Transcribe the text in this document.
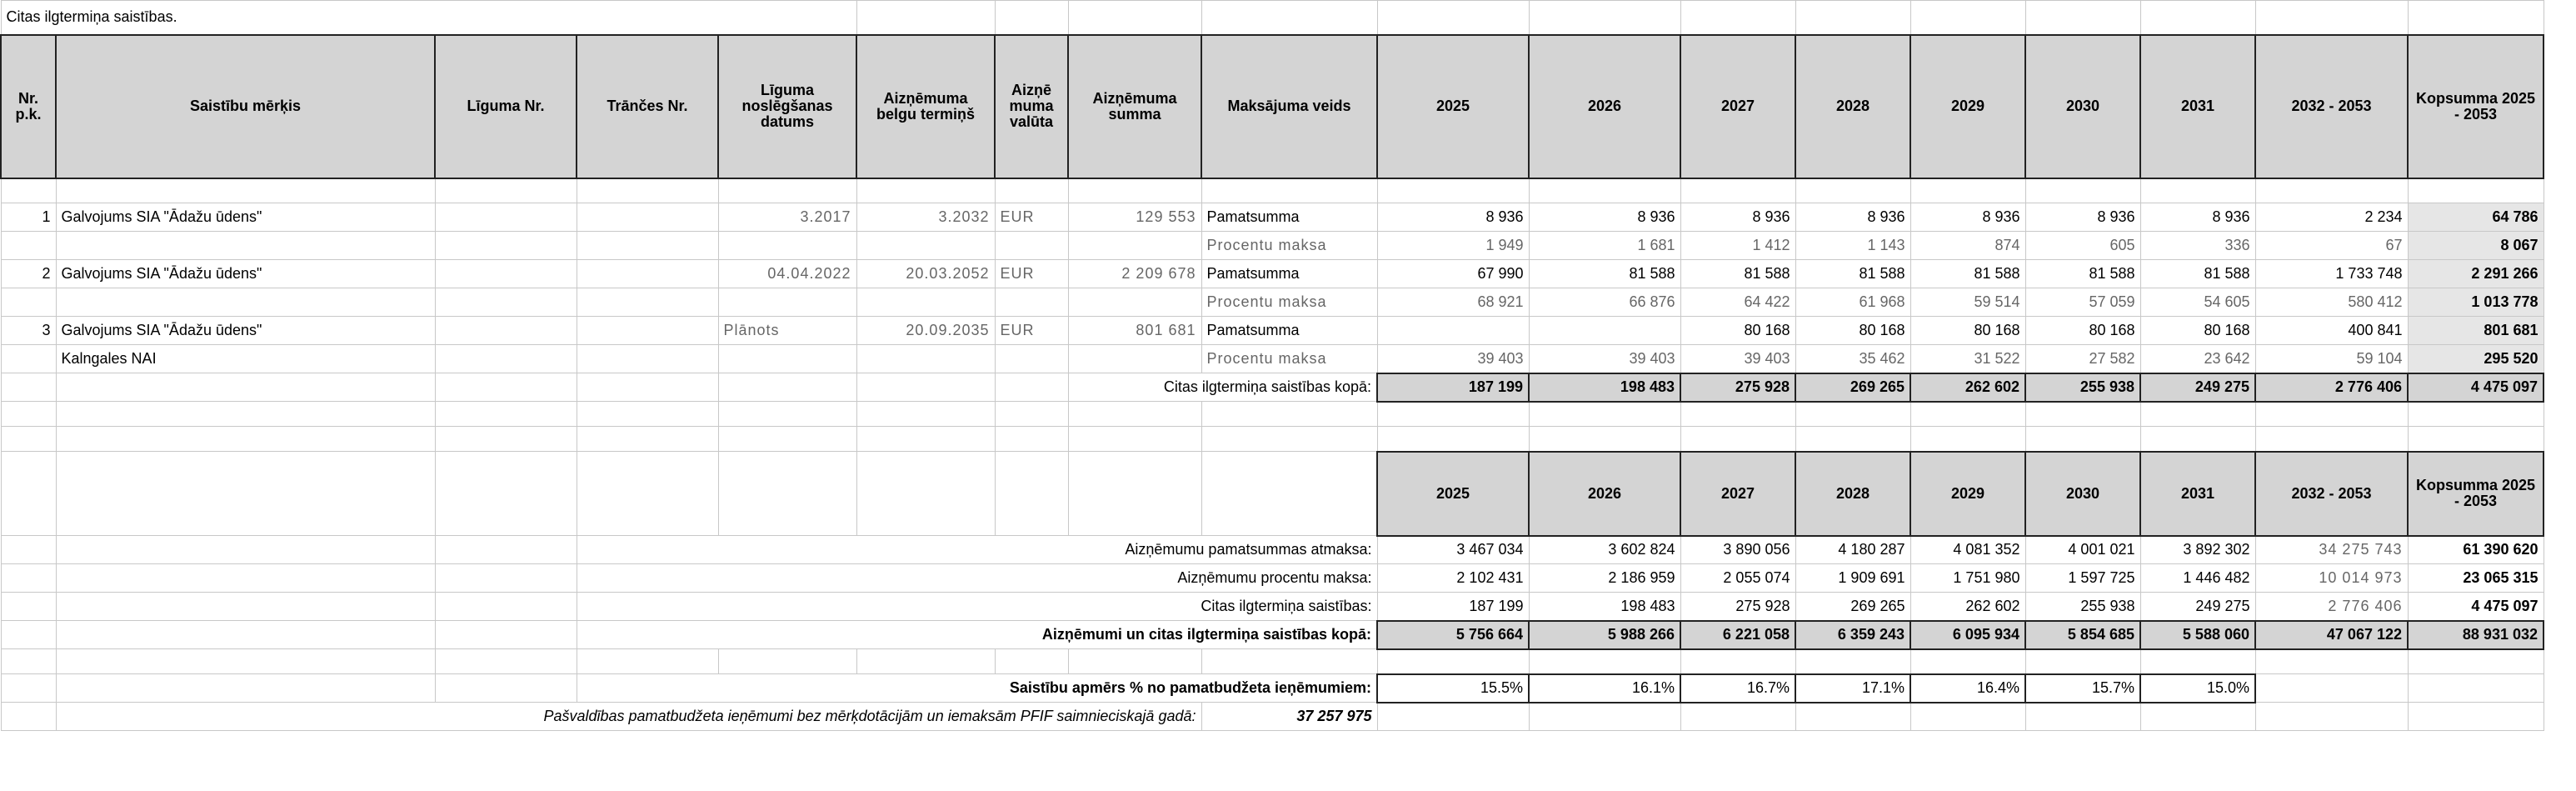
Citas ilgtermiņa saistības.																	
Nr. p.k.	Saistību mērķis	Līguma Nr.	Trānčes Nr.	Līguma noslēgšanas datums	Aizņēmuma belgu termiņš	Aizņē muma valūta	Aizņēmuma summa	Maksājuma veids	2025	2026	2027	2028	2029	2030	2031	2032 - 2053	Kopsumma 2025 - 2053

1	Galvojums SIA "Ādažu ūdens"			3.2017	3.2032	EUR	129 553	Pamatsumma	8 936	8 936	8 936	8 936	8 936	8 936	8 936	2 234	64 786
								Procentu maksa	1 949	1 681	1 412	1 143	874	605	336	67	8 067
2	Galvojums SIA "Ādažu ūdens"			04.04.2022	20.03.2052	EUR	2 209 678	Pamatsumma	67 990	81 588	81 588	81 588	81 588	81 588	81 588	1 733 748	2 291 266
								Procentu maksa	68 921	66 876	64 422	61 968	59 514	57 059	54 605	580 412	1 013 778
3	Galvojums SIA "Ādažu ūdens"			Plānots	20.09.2035	EUR	801 681	Pamatsumma			80 168	80 168	80 168	80 168	80 168	400 841	801 681
	Kalngales NAI							Procentu maksa	39 403	39 403	39 403	35 462	31 522	27 582	23 642	59 104	295 520
							Citas ilgtermiņa saistības kopā:		187 199	198 483	275 928	269 265	262 602	255 938	249 275	2 776 406	4 475 097

									2025	2026	2027	2028	2029	2030	2031	2032 - 2053	Kopsumma 2025 - 2053
			Aizņēmumu pamatsummas atmaksa:						3 467 034	3 602 824	3 890 056	4 180 287	4 081 352	4 001 021	3 892 302	34 275 743	61 390 620
			Aizņēmumu procentu maksa:						2 102 431	2 186 959	2 055 074	1 909 691	1 751 980	1 597 725	1 446 482	10 014 973	23 065 315
			Citas ilgtermiņa saistības:						187 199	198 483	275 928	269 265	262 602	255 938	249 275	2 776 406	4 475 097
			Aizņēmumi un citas ilgtermiņa saistības kopā:						5 756 664	5 988 266	6 221 058	6 359 243	6 095 934	5 854 685	5 588 060	47 067 122	88 931 032

			Saistību apmērs % no pamatbudžeta ieņēmumiem:						15.5%	16.1%	16.7%	17.1%	16.4%	15.7%	15.0%		
	Pašvaldības pamatbudžeta ieņēmumi bez mērķdotācijām un iemaksām PFIF saimnieciskajā gadā:							37 257 975									
